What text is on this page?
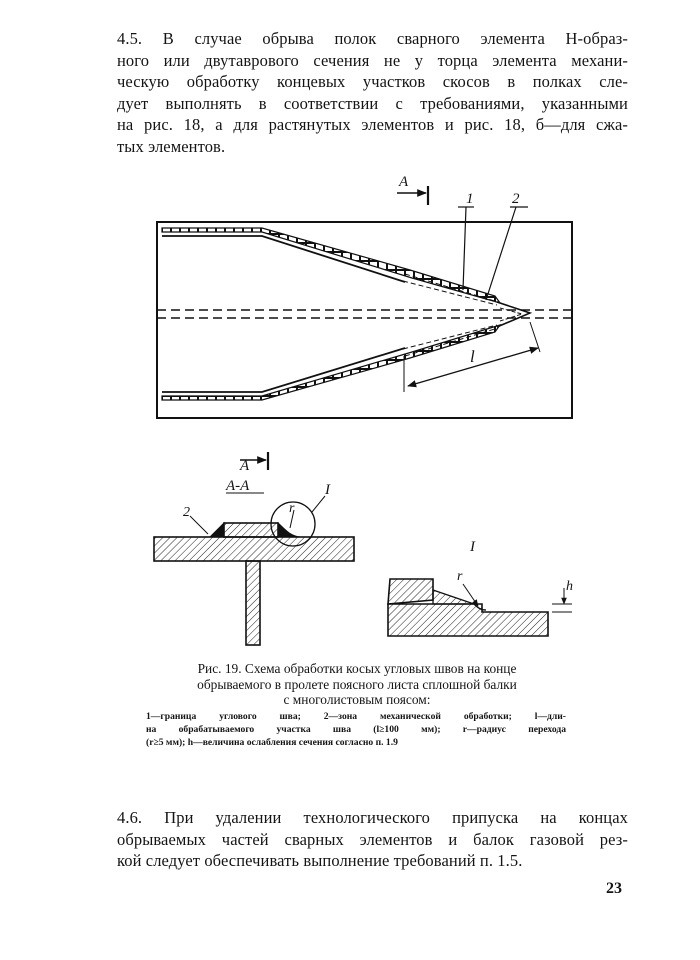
4.5. В случае обрыва полок сварного элемента Н-образ-
ного или двутаврового сечения не у торца элемента механи-
ческую обработку концевых участков скосов в полках сле-
дует выполнять в соответствии с требованиями, указанными
на рис. 18, а для растянутых элементов и рис. 18, б—для сжа-
тых элементов.
А
1	2
l
А
А-А	I
2	r
I
r
h
Рис. 19. Схема обработки косых угловых швов на конце
обрываемого в пролете поясного листа сплошной балки
с многолистовым поясом:
1—граница углового шва; 2—зона механической обработки; l—дли-
на обрабатываемого участка шва (l≥100 мм); r—радиус перехода
(r≥5 мм); h—величина ослабления сечения согласно п. 1.9
4.6. При удалении технологического припуска на концах
обрываемых частей сварных элементов и балок газовой рез-
кой следует обеспечивать выполнение требований п. 1.5.
23
